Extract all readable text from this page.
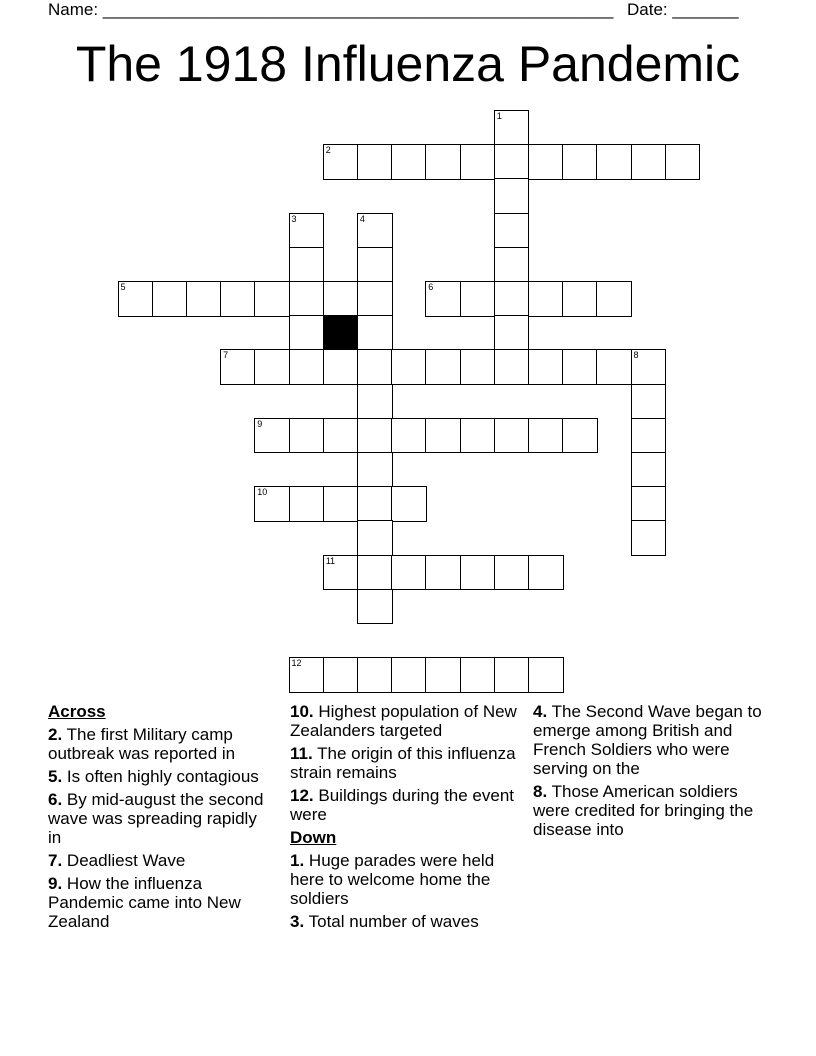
Name: ______________________________________________________ Date: _______
The 1918 Influenza Pandemic
1
2
3	4
5	6
7	8
9
10
11
12
Across
2. The first Military camp outbreak was reported in
5. Is often highly contagious
6. By mid-august the second wave was spreading rapidly in
7. Deadliest Wave
9. How the influenza Pandemic came into New Zealand
10. Highest population of New Zealanders targeted
11. The origin of this influenza strain remains
12. Buildings during the event were
Down
1. Huge parades were held here to welcome home the soldiers
3. Total number of waves
4. The Second Wave began to emerge among British and French Soldiers who were serving on the
8. Those American soldiers were credited for bringing the disease into
